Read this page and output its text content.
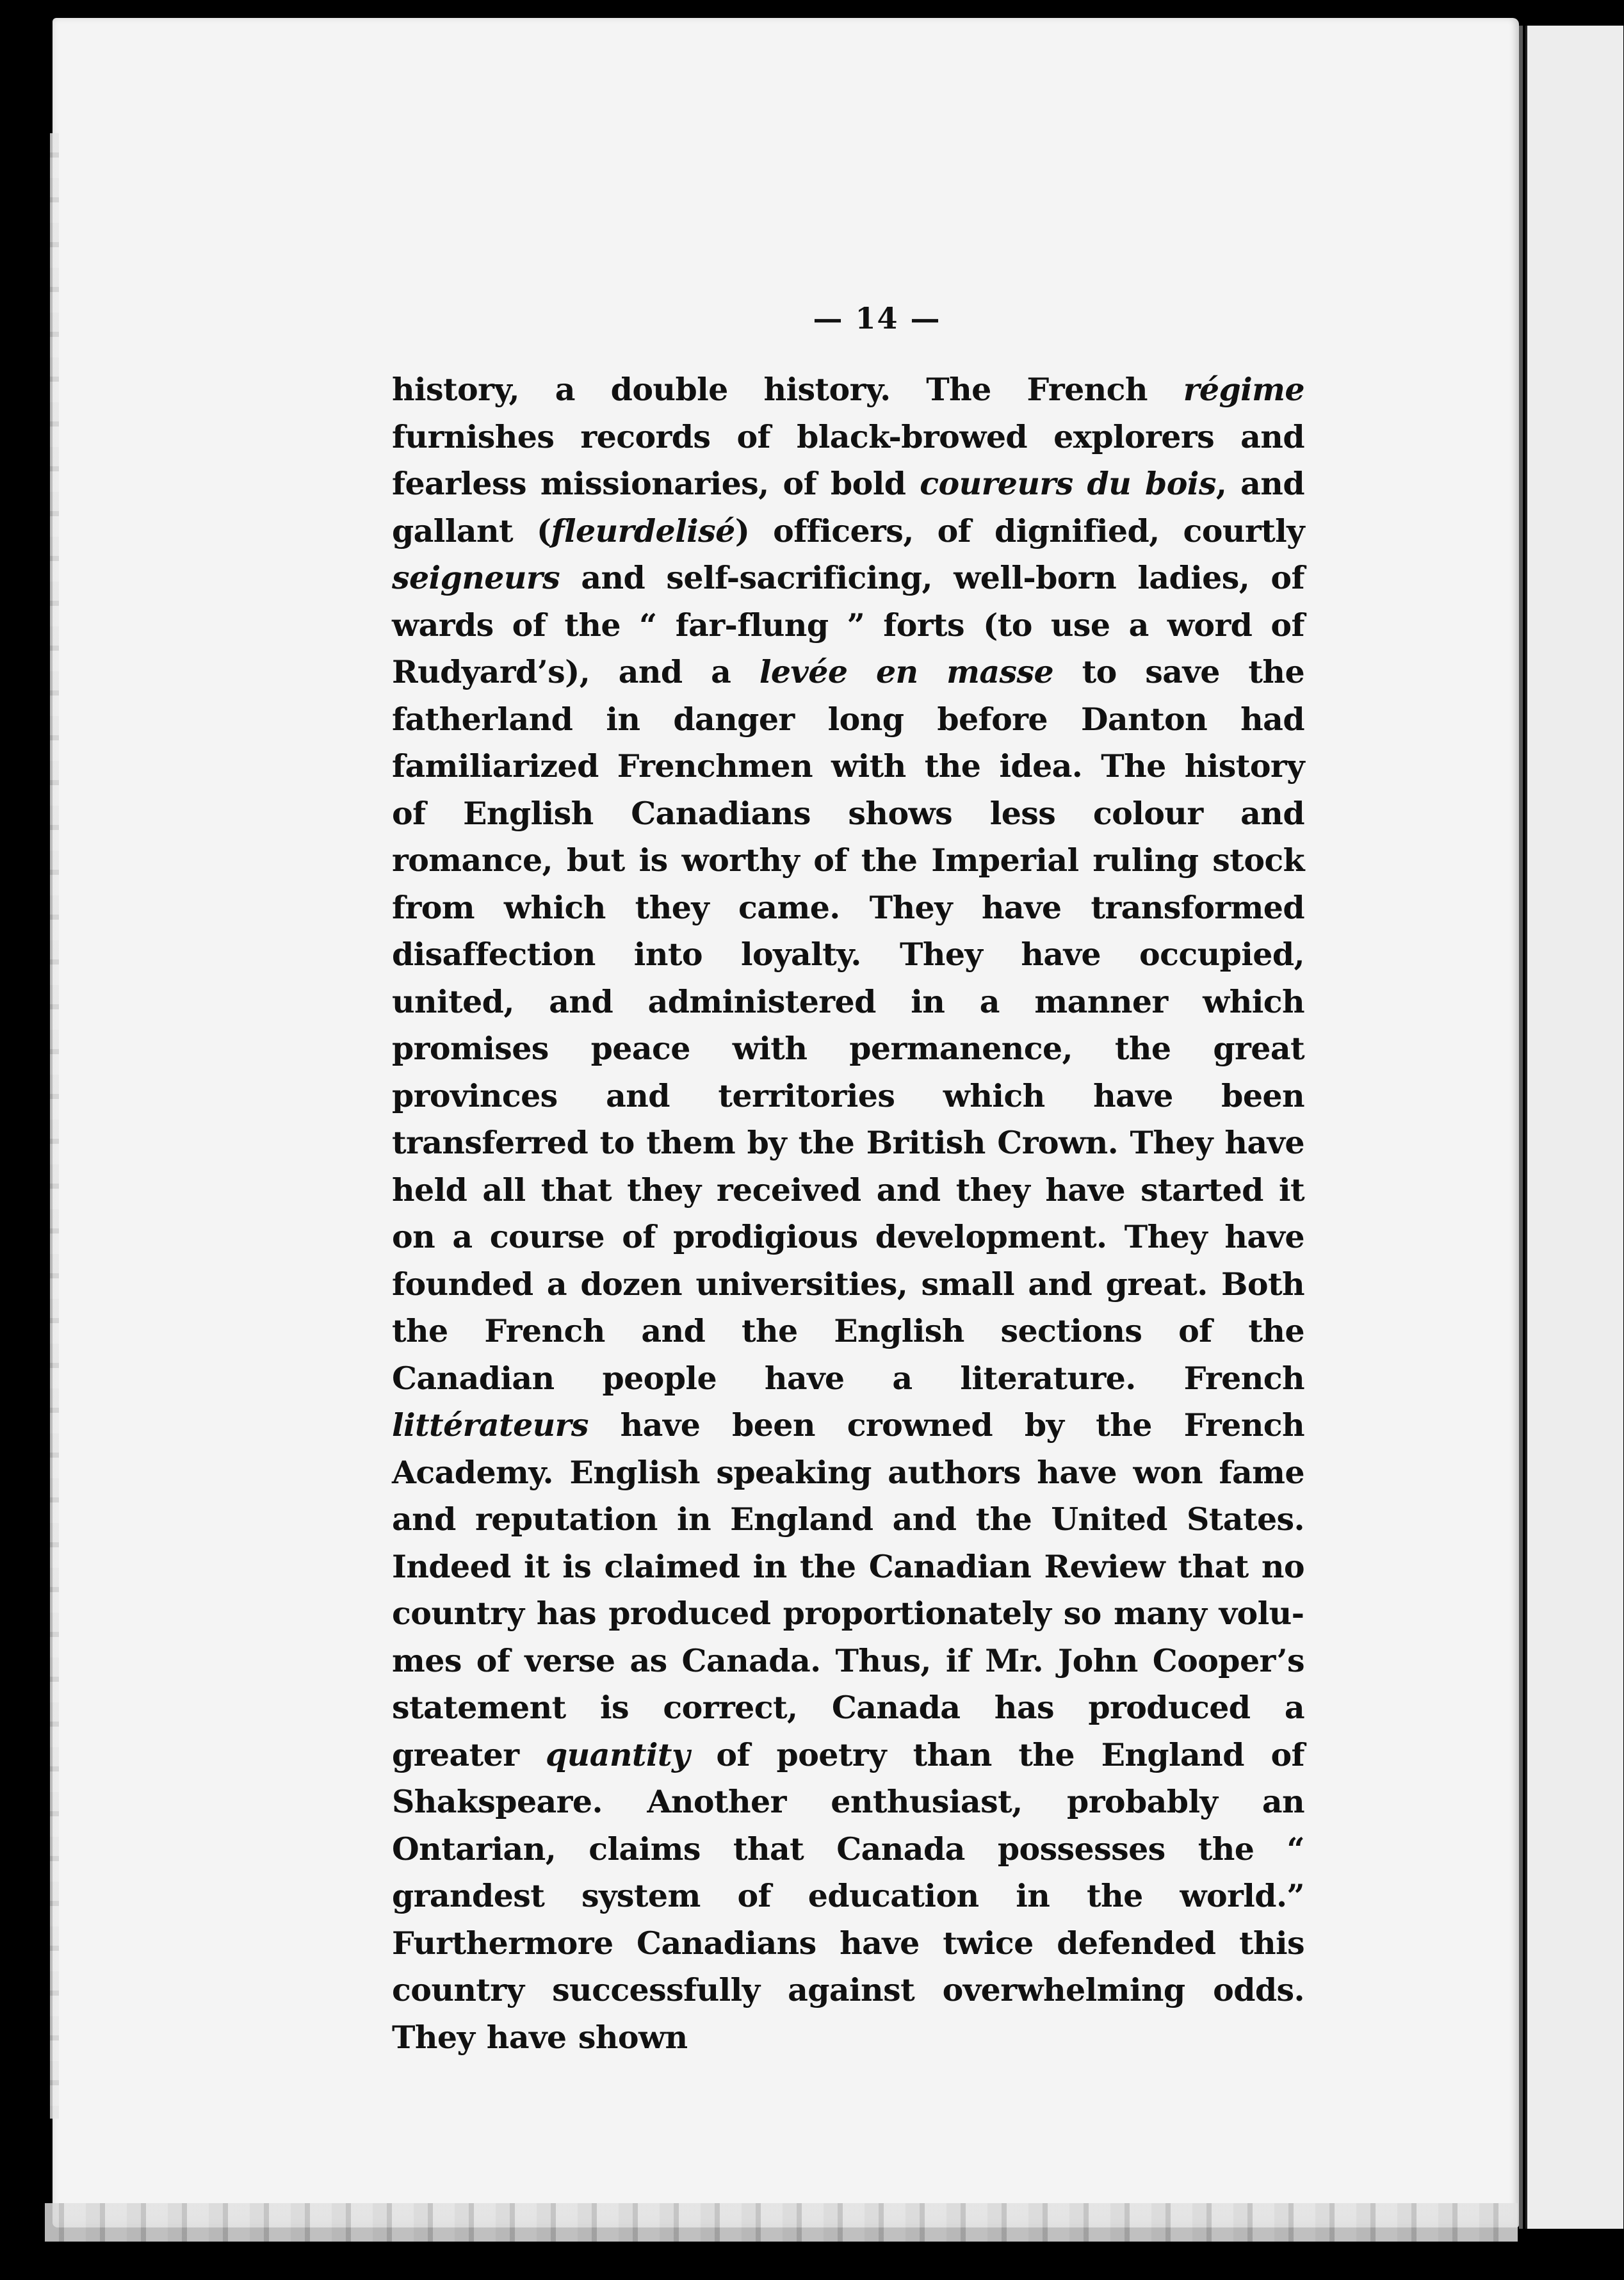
— 14 —

history, a double history. The French régime furnishes records of black-browed explorers and fearless missionaries, of bold coureurs du bois, and gallant (fleurdelisé) officers, of dignified, courtly seigneurs and self-sacrificing, well-born ladies, of wards of the “ far-flung ” forts (to use a word of Rudyard’s), and a levée en masse to save the fatherland in danger long before Danton had familiarized Frenchmen with the idea. The history of English Canadians shows less colour and romance, but is worthy of the Imperial ruling stock from which they came. They have transformed disaffection into loyalty. They have occupied, united, and administered in a manner which promises peace with permanence, the great provinces and territories which have been transferred to them by the British Crown. They have held all that they received and they have started it on a course of prodigious development. They have founded a dozen universities, small and great. Both the French and the English sections of the Canadian people have a literature. French littérateurs have been crowned by the French Academy. English speaking authors have won fame and reputation in England and the United States. Indeed it is claimed in the Canadian Review that no country has produced proportionately so many volumes of verse as Canada. Thus, if Mr. John Cooper’s statement is correct, Canada has produced a greater quantity of poetry than the England of Shakspeare. Another enthusiast, probably an Ontarian, claims that Canada possesses the “ grandest system of education in the world.” Furthermore Canadians have twice defended this country successfully against overwhelming odds. They have shown
